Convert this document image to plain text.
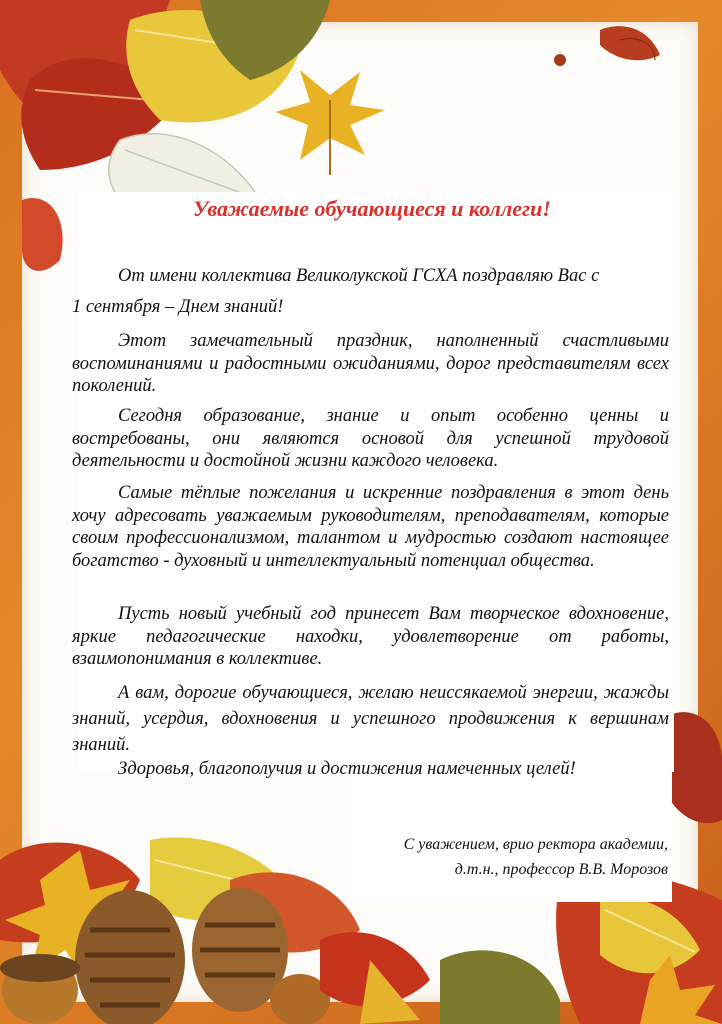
Уважаемые обучающиеся и коллеги!

От имени коллектива Великолукской ГСХА поздравляю Вас с

1 сентября – Днем знаний!

Этот замечательный праздник, наполненный счастливыми воспоминаниями и радостными ожиданиями, дорог представителям всех поколений.

Сегодня образование, знание и опыт особенно ценны и востребованы, они являются основой для успешной трудовой деятельности и достойной жизни каждого человека.

Самые тёплые пожелания и искренние поздравления в этот день хочу адресовать уважаемым руководителям, преподавателям, которые своим профессионализмом, талантом и мудростью создают настоящее богатство - духовный и интеллектуальный потенциал общества.

Пусть новый учебный год принесет Вам творческое вдохновение, яркие педагогические находки, удовлетворение от работы, взаимопонимания в коллективе.

А вам, дорогие обучающиеся, желаю неиссякаемой энергии, жажды знаний, усердия, вдохновения и успешного продвижения к вершинам знаний.

Здоровья, благополучия и достижения намеченных целей!

С уважением, врио ректора академии,
д.т.н., профессор В.В. Морозов
